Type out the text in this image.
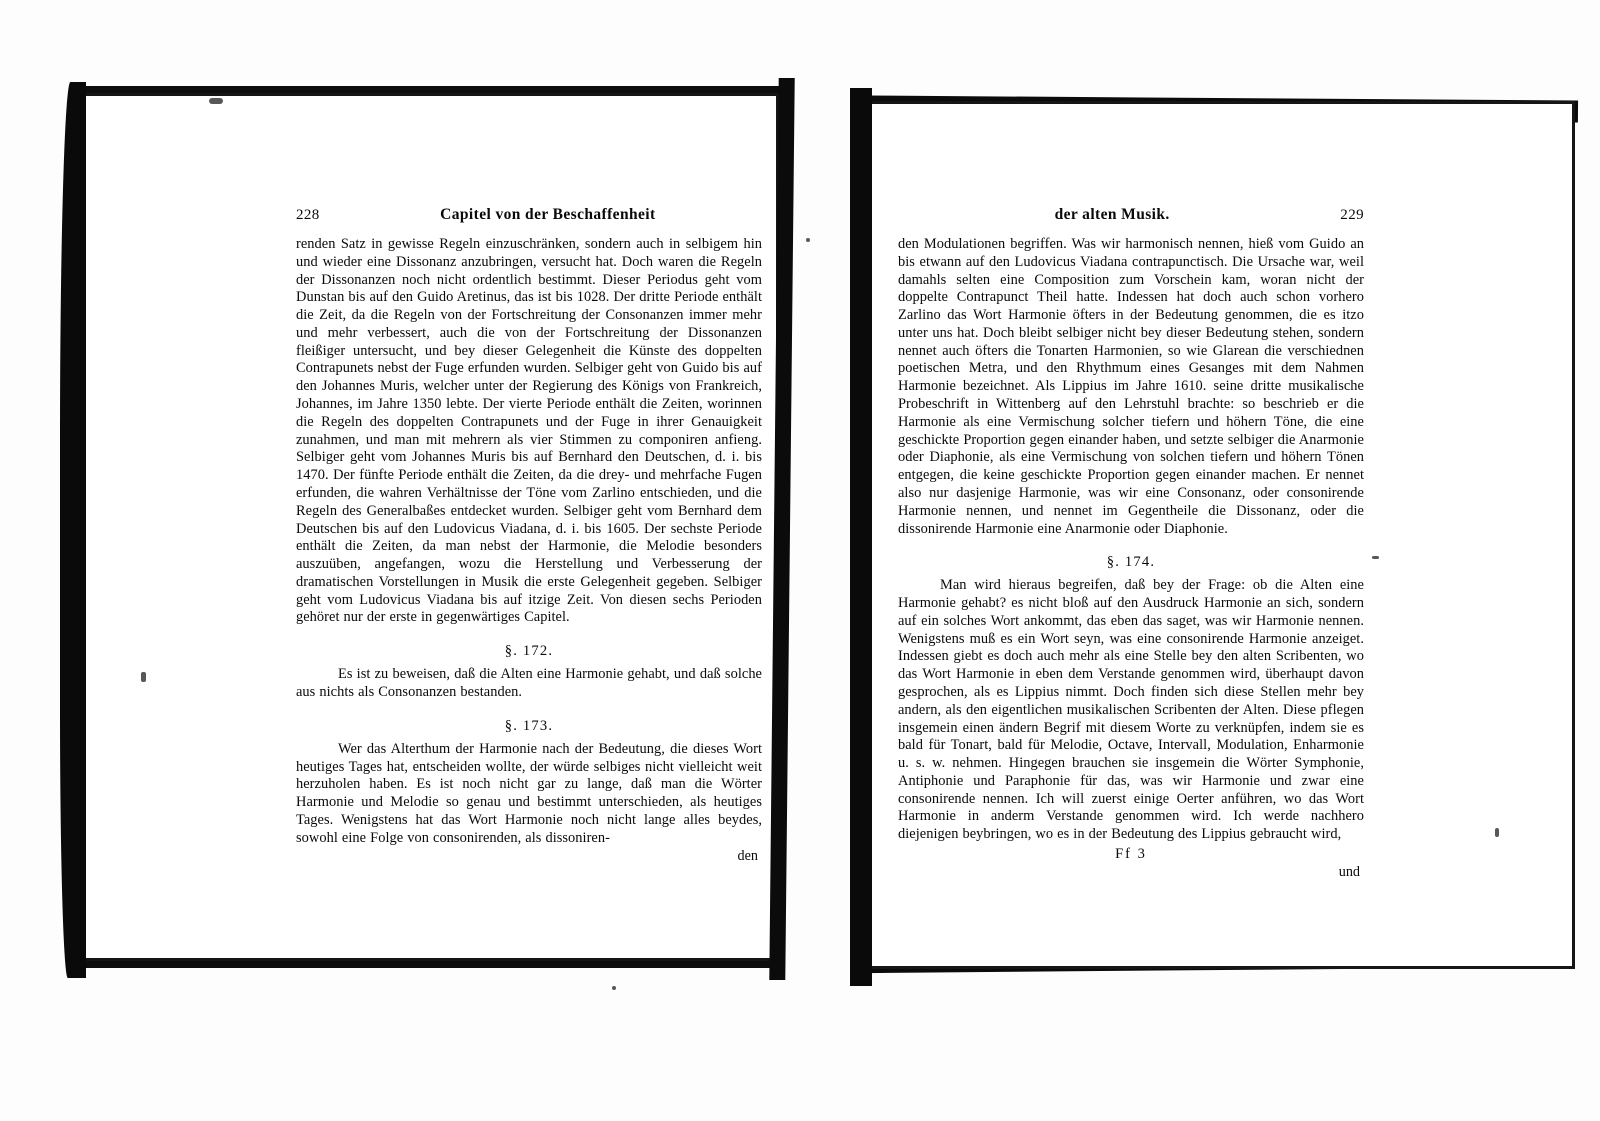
228	Capitel von der Beschaffenheit

renden Satz in gewisse Regeln einzuschränken, sondern auch in selbigem hin und wieder eine Dissonanz anzubringen, versucht hat. Doch waren die Regeln der Dissonanzen noch nicht ordentlich bestimmt. Dieser Periodus geht vom Dunstan bis auf den Guido Aretinus, das ist bis 1028. Der dritte Periode enthält die Zeit, da die Regeln von der Fortschreitung der Consonanzen immer mehr und mehr verbessert, auch die von der Fortschreitung der Dissonanzen fleißiger untersucht, und bey dieser Gelegenheit die Künste des doppelten Contrapunets nebst der Fuge erfunden wurden. Selbiger geht von Guido bis auf den Johannes Muris, welcher unter der Regierung des Königs von Frankreich, Johannes, im Jahre 1350 lebte. Der vierte Periode enthält die Zeiten, worinnen die Regeln des doppelten Contrapunets und der Fuge in ihrer Genauigkeit zunahmen, und man mit mehrern als vier Stimmen zu componiren anfieng. Selbiger geht vom Johannes Muris bis auf Bernhard den Deutschen, d. i. bis 1470. Der fünfte Periode enthält die Zeiten, da die drey- und mehrfache Fugen erfunden, die wahren Verhältnisse der Töne vom Zarlino entschieden, und die Regeln des Generalbaßes entdecket wurden. Selbiger geht vom Bernhard dem Deutschen bis auf den Ludovicus Viadana, d. i. bis 1605. Der sechste Periode enthält die Zeiten, da man nebst der Harmonie, die Melodie besonders auszuüben, angefangen, wozu die Herstellung und Verbesserung der dramatischen Vorstellungen in Musik die erste Gelegenheit gegeben. Selbiger geht vom Ludovicus Viadana bis auf itzige Zeit. Von diesen sechs Perioden gehöret nur der erste in gegenwärtiges Capitel.

§. 172.

Es ist zu beweisen, daß die Alten eine Harmonie gehabt, und daß solche aus nichts als Consonanzen bestanden.

§. 173.

Wer das Alterthum der Harmonie nach der Bedeutung, die dieses Wort heutiges Tages hat, entscheiden wollte, der würde selbiges nicht vielleicht weit herzuholen haben. Es ist noch nicht gar zu lange, daß man die Wörter Harmonie und Melodie so genau und bestimmt unterschieden, als heutiges Tages. Wenigstens hat das Wort Harmonie noch nicht lange alles beydes, sowohl eine Folge von consonirenden, als dissoniren-

den
der alten Musik.	229

den Modulationen begriffen. Was wir harmonisch nennen, hieß vom Guido an bis etwann auf den Ludovicus Viadana contrapunctisch. Die Ursache war, weil damahls selten eine Composition zum Vorschein kam, woran nicht der doppelte Contrapunct Theil hatte. Indessen hat doch auch schon vorhero Zarlino das Wort Harmonie öfters in der Bedeutung genommen, die es itzo unter uns hat. Doch bleibt selbiger nicht bey dieser Bedeutung stehen, sondern nennet auch öfters die Tonarten Harmonien, so wie Glarean die verschiednen poetischen Metra, und den Rhythmum eines Gesanges mit dem Nahmen Harmonie bezeichnet. Als Lippius im Jahre 1610. seine dritte musikalische Probeschrift in Wittenberg auf den Lehrstuhl brachte: so beschrieb er die Harmonie als eine Vermischung solcher tiefern und höhern Töne, die eine geschickte Proportion gegen einander haben, und setzte selbiger die Anarmonie oder Diaphonie, als eine Vermischung von solchen tiefern und höhern Tönen entgegen, die keine geschickte Proportion gegen einander machen. Er nennet also nur dasjenige Harmonie, was wir eine Consonanz, oder consonirende Harmonie nennen, und nennet im Gegentheile die Dissonanz, oder die dissonirende Harmonie eine Anarmonie oder Diaphonie.

§. 174.

Man wird hieraus begreifen, daß bey der Frage: ob die Alten eine Harmonie gehabt? es nicht bloß auf den Ausdruck Harmonie an sich, sondern auf ein solches Wort ankommt, das eben das saget, was wir Harmonie nennen. Wenigstens muß es ein Wort seyn, was eine consonirende Harmonie anzeiget. Indessen giebt es doch auch mehr als eine Stelle bey den alten Scribenten, wo das Wort Harmonie in eben dem Verstande genommen wird, überhaupt davon gesprochen, als es Lippius nimmt. Doch finden sich diese Stellen mehr bey andern, als den eigentlichen musikalischen Scribenten der Alten. Diese pflegen insgemein einen ändern Begrif mit diesem Worte zu verknüpfen, indem sie es bald für Tonart, bald für Melodie, Octave, Intervall, Modulation, Enharmonie u. s. w. nehmen. Hingegen brauchen sie insgemein die Wörter Symphonie, Antiphonie und Paraphonie für das, was wir Harmonie und zwar eine consonirende nennen. Ich will zuerst einige Oerter anführen, wo das Wort Harmonie in anderm Verstande genommen wird. Ich werde nachhero diejenigen beybringen, wo es in der Bedeutung des Lippius gebraucht wird,

Ff 3
und
